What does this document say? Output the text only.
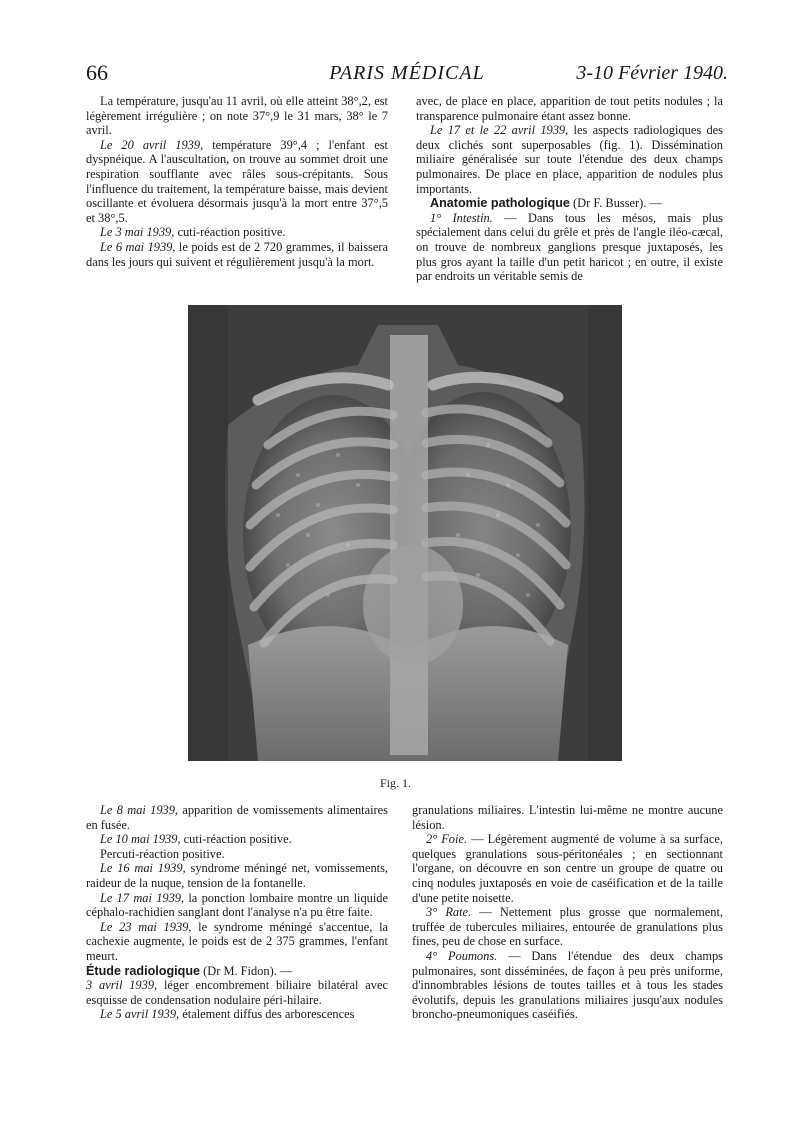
66	PARIS MÉDICAL	3-10 Février 1940.

La température, jusqu'au 11 avril, où elle atteint 38°,2, est légèrement irrégulière ; on note 37°,9 le 31 mars, 38° le 7 avril.

Le 20 avril 1939, température 39°,4 ; l'enfant est dyspnéique. A l'auscultation, on trouve au sommet droit une respiration soufflante avec râles sous-crépitants. Sous l'influence du traitement, la température baisse, mais devient oscillante et évoluera désormais jusqu'à la mort entre 37°,5 et 38°,5.

Le 3 mai 1939, cuti-réaction positive.

Le 6 mai 1939, le poids est de 2 720 grammes, il baissera dans les jours qui suivent et régulièrement jusqu'à la mort.

avec, de place en place, apparition de tout petits nodules ; la transparence pulmonaire étant assez bonne.

Le 17 et le 22 avril 1939, les aspects radiologiques des deux clichés sont superposables (fig. 1). Dissémination miliaire généralisée sur toute l'étendue des deux champs pulmonaires. De place en place, apparition de nodules plus importants.

Anatomie pathologique (Dr F. Busser). —

1° Intestin. — Dans tous les mésos, mais plus spécialement dans celui du grêle et près de l'angle iléo-cæcal, on trouve de nombreux ganglions presque juxtaposés, les plus gros ayant la taille d'un petit haricot ; en outre, il existe par endroits un véritable semis de

Fig. 1.

Le 8 mai 1939, apparition de vomissements alimentaires en fusée.

Le 10 mai 1939, cuti-réaction positive.

Percuti-réaction positive.

Le 16 mai 1939, syndrome méningé net, vomissements, raideur de la nuque, tension de la fontanelle.

Le 17 mai 1939, la ponction lombaire montre un liquide céphalo-rachidien sanglant dont l'analyse n'a pu être faite.

Le 23 mai 1939, le syndrome méningé s'accentue, la cachexie augmente, le poids est de 2 375 grammes, l'enfant meurt.

Étude radiologique (Dr M. Fidon). —

3 avril 1939, léger encombrement biliaire bilatéral avec esquisse de condensation nodulaire péri-hilaire.

Le 5 avril 1939, étalement diffus des arborescences

granulations miliaires. L'intestin lui-même ne montre aucune lésion.

2° Foie. — Légèrement augmenté de volume à sa surface, quelques granulations sous-péritonéales ; en sectionnant l'organe, on découvre en son centre un groupe de quatre ou cinq nodules juxtaposés en voie de caséification et de la taille d'une petite noisette.

3° Rate. — Nettement plus grosse que normalement, truffée de tubercules miliaires, entourée de granulations plus fines, peu de chose en surface.

4° Poumons. — Dans l'étendue des deux champs pulmonaires, sont disséminées, de façon à peu près uniforme, d'innombrables lésions de toutes tailles et à tous les stades évolutifs, depuis les granulations miliaires jusqu'aux nodules broncho-pneumoniques caséifiés.
